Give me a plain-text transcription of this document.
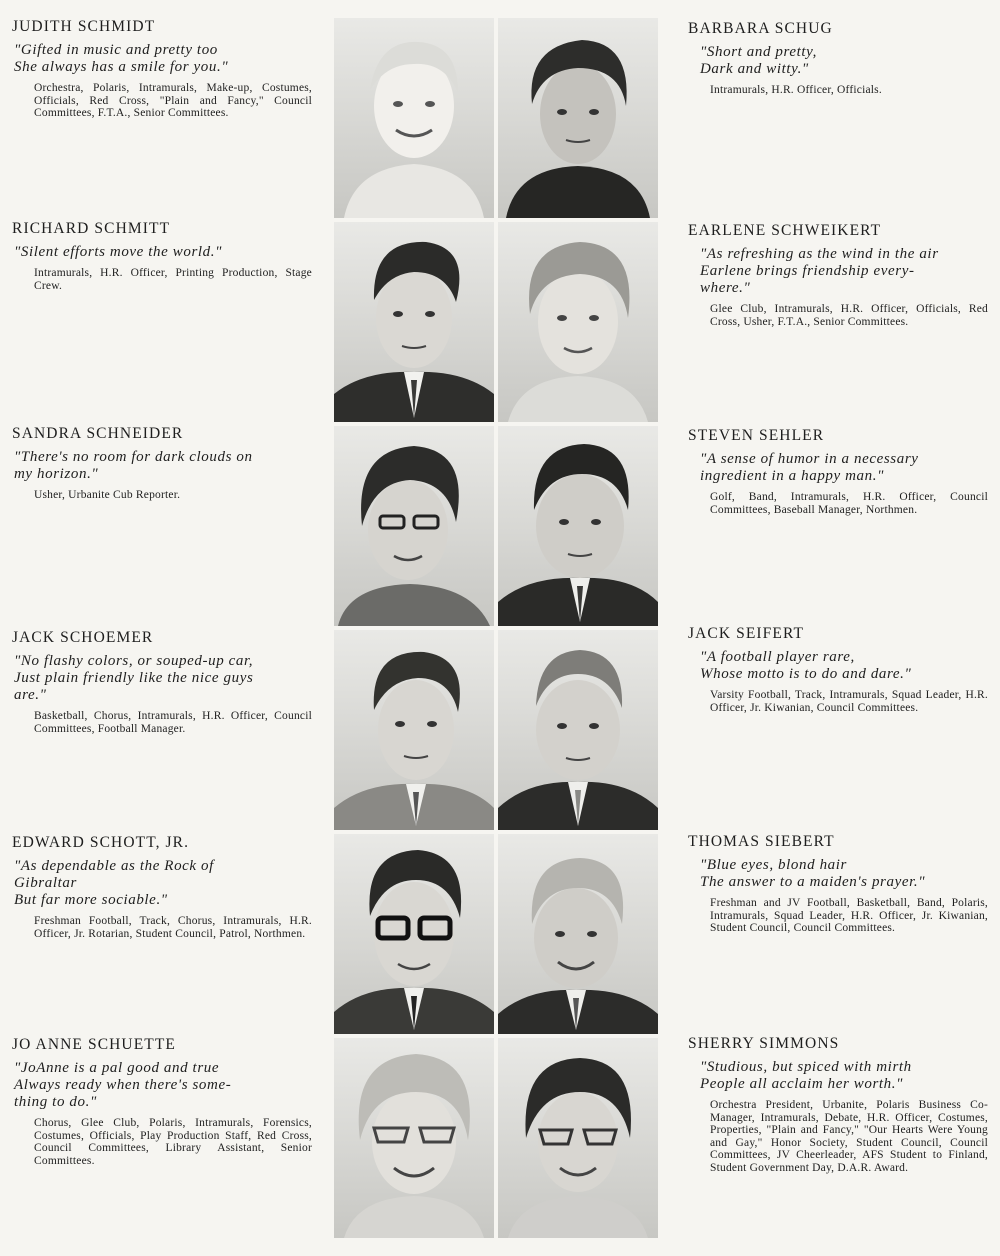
JUDITH SCHMIDT
"Gifted in music and pretty too
She always has a smile for you."
Orchestra, Polaris, Intramurals, Make-up, Costumes, Officials, Red Cross, "Plain and Fancy," Council Committees, F.T.A., Senior Committees.
BARBARA SCHUG
"Short and pretty,
Dark and witty."
Intramurals, H.R. Officer, Officials.
RICHARD SCHMITT
"Silent efforts move the world."
Intramurals, H.R. Officer, Printing Production, Stage Crew.
EARLENE SCHWEIKERT
"As refreshing as the wind in the air
Earlene brings friendship every-
where."
Glee Club, Intramurals, H.R. Officer, Officials, Red Cross, Usher, F.T.A., Senior Committees.
SANDRA SCHNEIDER
"There's no room for dark clouds on
my horizon."
Usher, Urbanite Cub Reporter.
STEVEN SEHLER
"A sense of humor in a necessary
ingredient in a happy man."
Golf, Band, Intramurals, H.R. Officer, Council Committees, Baseball Manager, Northmen.
JACK SCHOEMER
"No flashy colors, or souped-up car,
Just plain friendly like the nice guys
are."
Basketball, Chorus, Intramurals, H.R. Officer, Council Committees, Football Manager.
JACK SEIFERT
"A football player rare,
Whose motto is to do and dare."
Varsity Football, Track, Intramurals, Squad Leader, H.R. Officer, Jr. Kiwanian, Council Committees.
EDWARD SCHOTT, JR.
"As dependable as the Rock of
Gibraltar
But far more sociable."
Freshman Football, Track, Chorus, Intramurals, H.R. Officer, Jr. Rotarian, Student Council, Patrol, Northmen.
THOMAS SIEBERT
"Blue eyes, blond hair
The answer to a maiden's prayer."
Freshman and JV Football, Basketball, Band, Polaris, Intramurals, Squad Leader, H.R. Officer, Jr. Kiwanian, Student Council, Council Committees.
JO ANNE SCHUETTE
"JoAnne is a pal good and true
Always ready when there's some-
thing to do."
Chorus, Glee Club, Polaris, Intramurals, Forensics, Costumes, Officials, Play Production Staff, Red Cross, Council Committees, Library Assistant, Senior Committees.
SHERRY SIMMONS
"Studious, but spiced with mirth
People all acclaim her worth."
Orchestra President, Urbanite, Polaris Business Co-Manager, Intramurals, Debate, H.R. Officer, Costumes, Properties, "Plain and Fancy," "Our Hearts Were Young and Gay," Honor Society, Student Council, Council Committees, JV Cheerleader, AFS Student to Finland, Student Government Day, D.A.R. Award.
